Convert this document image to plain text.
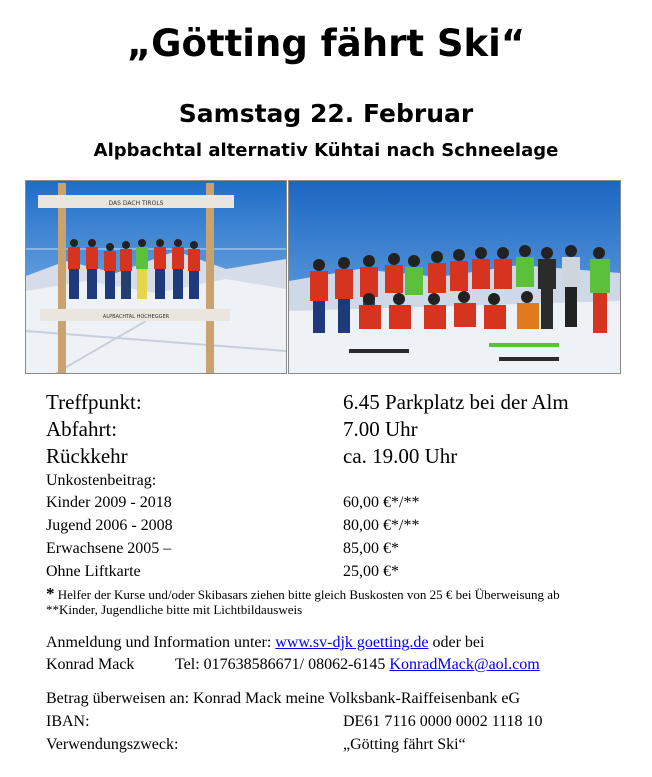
„Götting fährt Ski“
Samstag 22. Februar
Alpbachtal alternativ Kühtai nach Schneelage
DAS DACH TIROLS
ALPBACHTAL HOCHEGGER
Treffpunkt:	6.45 Parkplatz bei der Alm
Abfahrt:	7.00 Uhr
Rückkehr	ca. 19.00 Uhr
Unkostenbeitrag:
Kinder 2009 - 2018	60,00 €*/**
Jugend 2006 - 2008	80,00 €*/**
Erwachsene 2005 –	85,00 €*
Ohne Liftkarte	25,00 €*
* Helfer der Kurse und/oder Skibasars ziehen bitte gleich Buskosten von 25 € bei Überweisung ab
**Kinder, Jugendliche bitte mit Lichtbildausweis
Anmeldung und Information unter: www.sv-djk goetting.de oder bei
Konrad Mack	Tel: 017638586671/ 08062-6145 KonradMack@aol.com
Betrag überweisen an: Konrad Mack meine Volksbank-Raiffeisenbank eG
IBAN:	DE61 7116 0000 0002 1118 10
Verwendungszweck:	„Götting fährt Ski“
